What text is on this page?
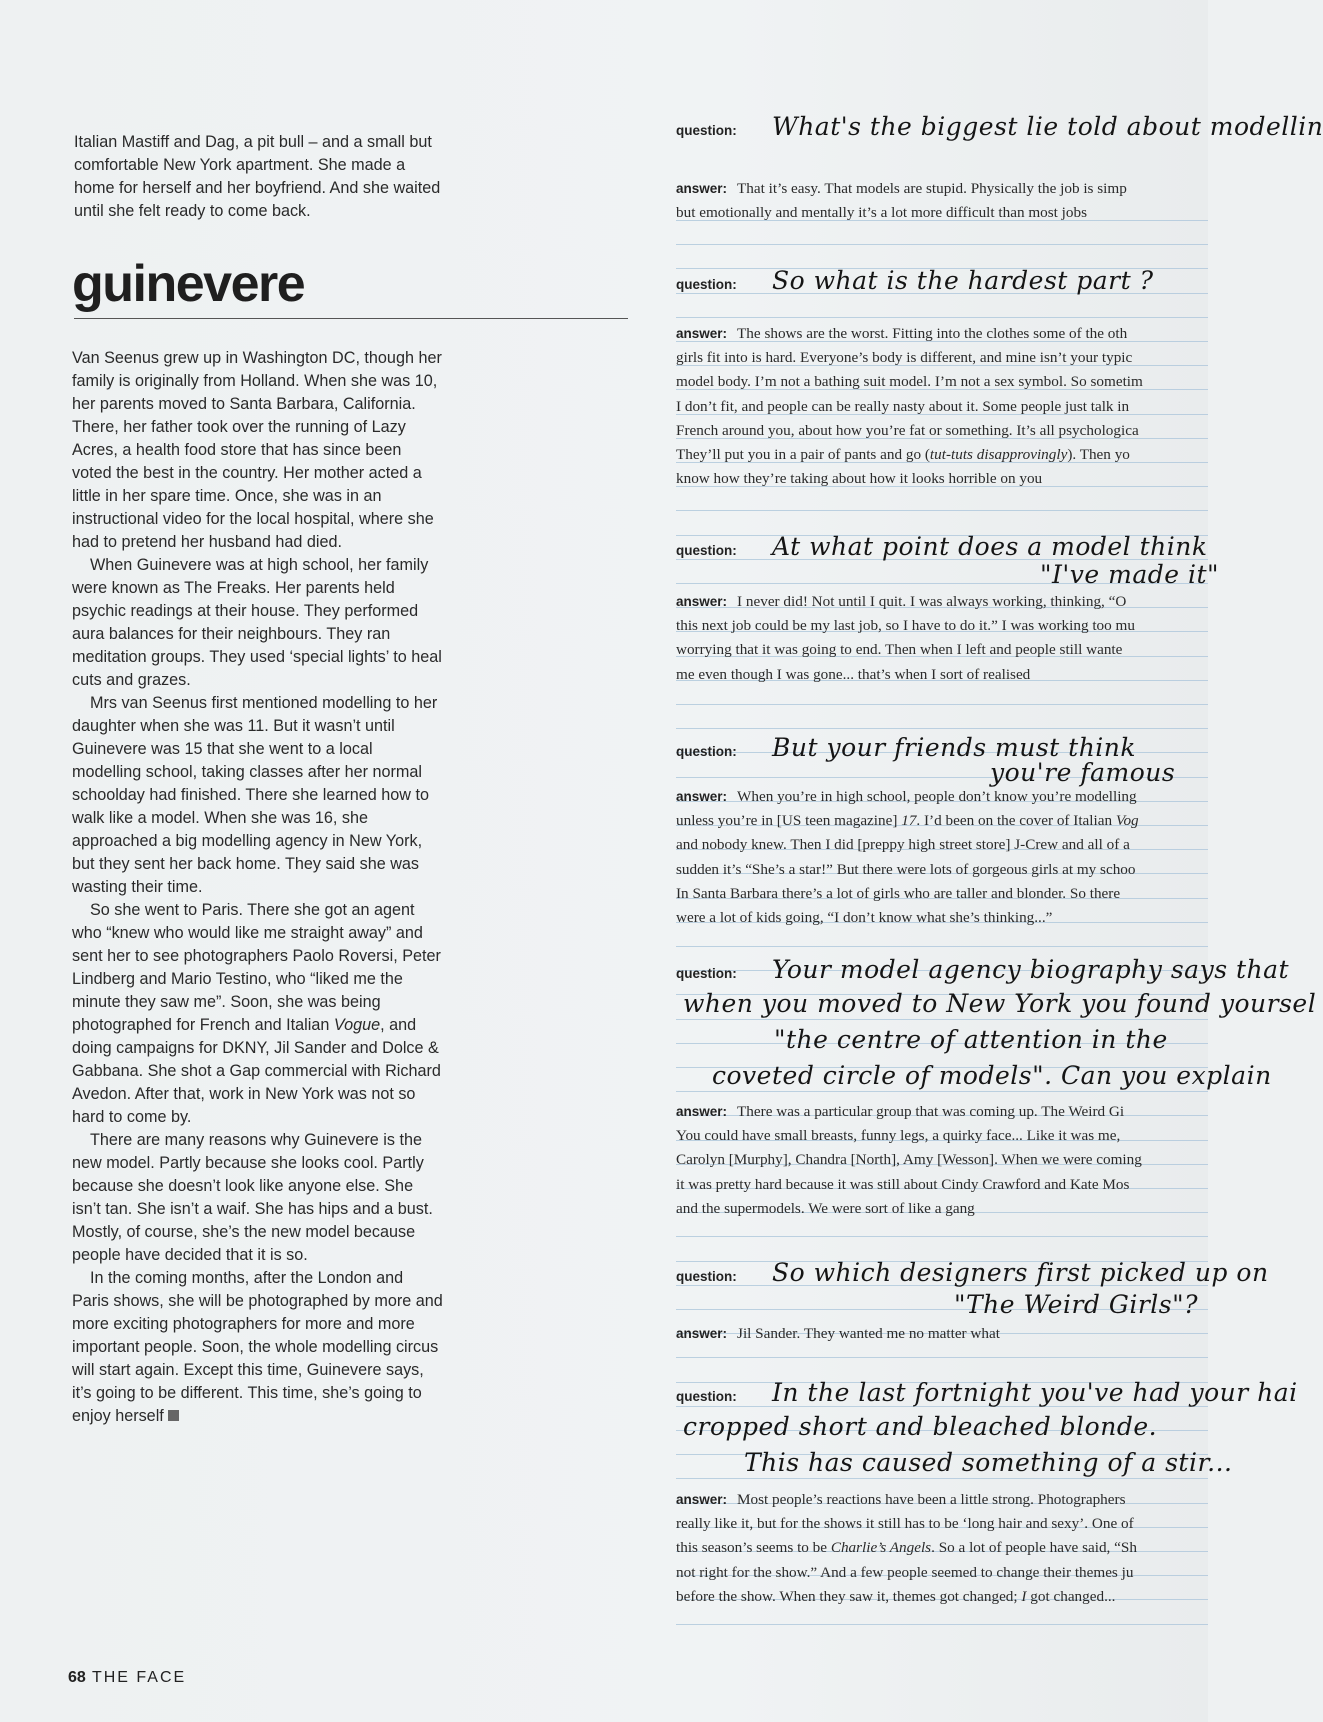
Italian Mastiff and Dag, a pit bull – and a small but comfortable New York apartment. She made a home for herself and her boyfriend. And she waited until she felt ready to come back.

guinevere

Van Seenus grew up in Washington DC, though her family is originally from Holland. When she was 10, her parents moved to Santa Barbara, California. There, her father took over the running of Lazy Acres, a health food store that has since been voted the best in the country. Her mother acted a little in her spare time. Once, she was in an instructional video for the local hospital, where she had to pretend her husband had died.

When Guinevere was at high school, her family were known as The Freaks. Her parents held psychic readings at their house. They performed aura balances for their neighbours. They ran meditation groups. They used ‘special lights’ to heal cuts and grazes.

Mrs van Seenus first mentioned modelling to her daughter when she was 11. But it wasn’t until Guinevere was 15 that she went to a local modelling school, taking classes after her normal schoolday had finished. There she learned how to walk like a model. When she was 16, she approached a big modelling agency in New York, but they sent her back home. They said she was wasting their time.

So she went to Paris. There she got an agent who “knew who would like me straight away” and sent her to see photographers Paolo Roversi, Peter Lindberg and Mario Testino, who “liked me the minute they saw me”. Soon, she was being photographed for French and Italian Vogue, and doing campaigns for DKNY, Jil Sander and Dolce & Gabbana. She shot a Gap commercial with Richard Avedon. After that, work in New York was not so hard to come by.

There are many reasons why Guinevere is the new model. Partly because she looks cool. Partly because she doesn’t look like anyone else. She isn’t tan. She isn’t a waif. She has hips and a bust. Mostly, of course, she’s the new model because people have decided that it is so.

In the coming months, after the London and Paris shows, she will be photographed by more and more exciting photographers for more and more important people. Soon, the whole modelling circus will start again. Except this time, Guinevere says, it’s going to be different. This time, she’s going to enjoy herself

68 THE FACE
question: What's the biggest lie told about modellin
answer: That it’s easy. That models are stupid. Physically the job is simp
but emotionally and mentally it’s a lot more difficult than most jobs
question: So what is the hardest part ?
answer: The shows are the worst. Fitting into the clothes some of the oth
girls fit into is hard. Everyone’s body is different, and mine isn’t your typic
model body. I’m not a bathing suit model. I’m not a sex symbol. So sometim
I don’t fit, and people can be really nasty about it. Some people just talk in
French around you, about how you’re fat or something. It’s all psychologica
They’ll put you in a pair of pants and go (tut-tuts disapprovingly). Then yo
know how they’re taking about how it looks horrible on you
question: At what point does a model think
"I've made it"
answer: I never did! Not until I quit. I was always working, thinking, “O
this next job could be my last job, so I have to do it.” I was working too mu
worrying that it was going to end. Then when I left and people still wante
me even though I was gone... that’s when I sort of realised
question: But your friends must think
you're famous
answer: When you’re in high school, people don’t know you’re modelling
unless you’re in [US teen magazine] 17. I’d been on the cover of Italian Vog
and nobody knew. Then I did [preppy high street store] J-Crew and all of a
sudden it’s “She’s a star!” But there were lots of gorgeous girls at my schoo
In Santa Barbara there’s a lot of girls who are taller and blonder. So there
were a lot of kids going, “I don’t know what she’s thinking...”
question: Your model agency biography says that
when you moved to New York you found yoursel
"the centre of attention in the
coveted circle of models". Can you explain
answer: There was a particular group that was coming up. The Weird Gi
You could have small breasts, funny legs, a quirky face... Like it was me,
Carolyn [Murphy], Chandra [North], Amy [Wesson]. When we were coming
it was pretty hard because it was still about Cindy Crawford and Kate Mos
and the supermodels. We were sort of like a gang
question: So which designers first picked up on
"The Weird Girls"?
answer: Jil Sander. They wanted me no matter what
question: In the last fortnight you've had your hai
cropped short and bleached blonde.
This has caused something of a stir...
answer: Most people’s reactions have been a little strong. Photographers
really like it, but for the shows it still has to be ‘long hair and sexy’. One of
this season’s seems to be Charlie’s Angels. So a lot of people have said, “Sh
not right for the show.” And a few people seemed to change their themes ju
before the show. When they saw it, themes got changed; I got changed...
